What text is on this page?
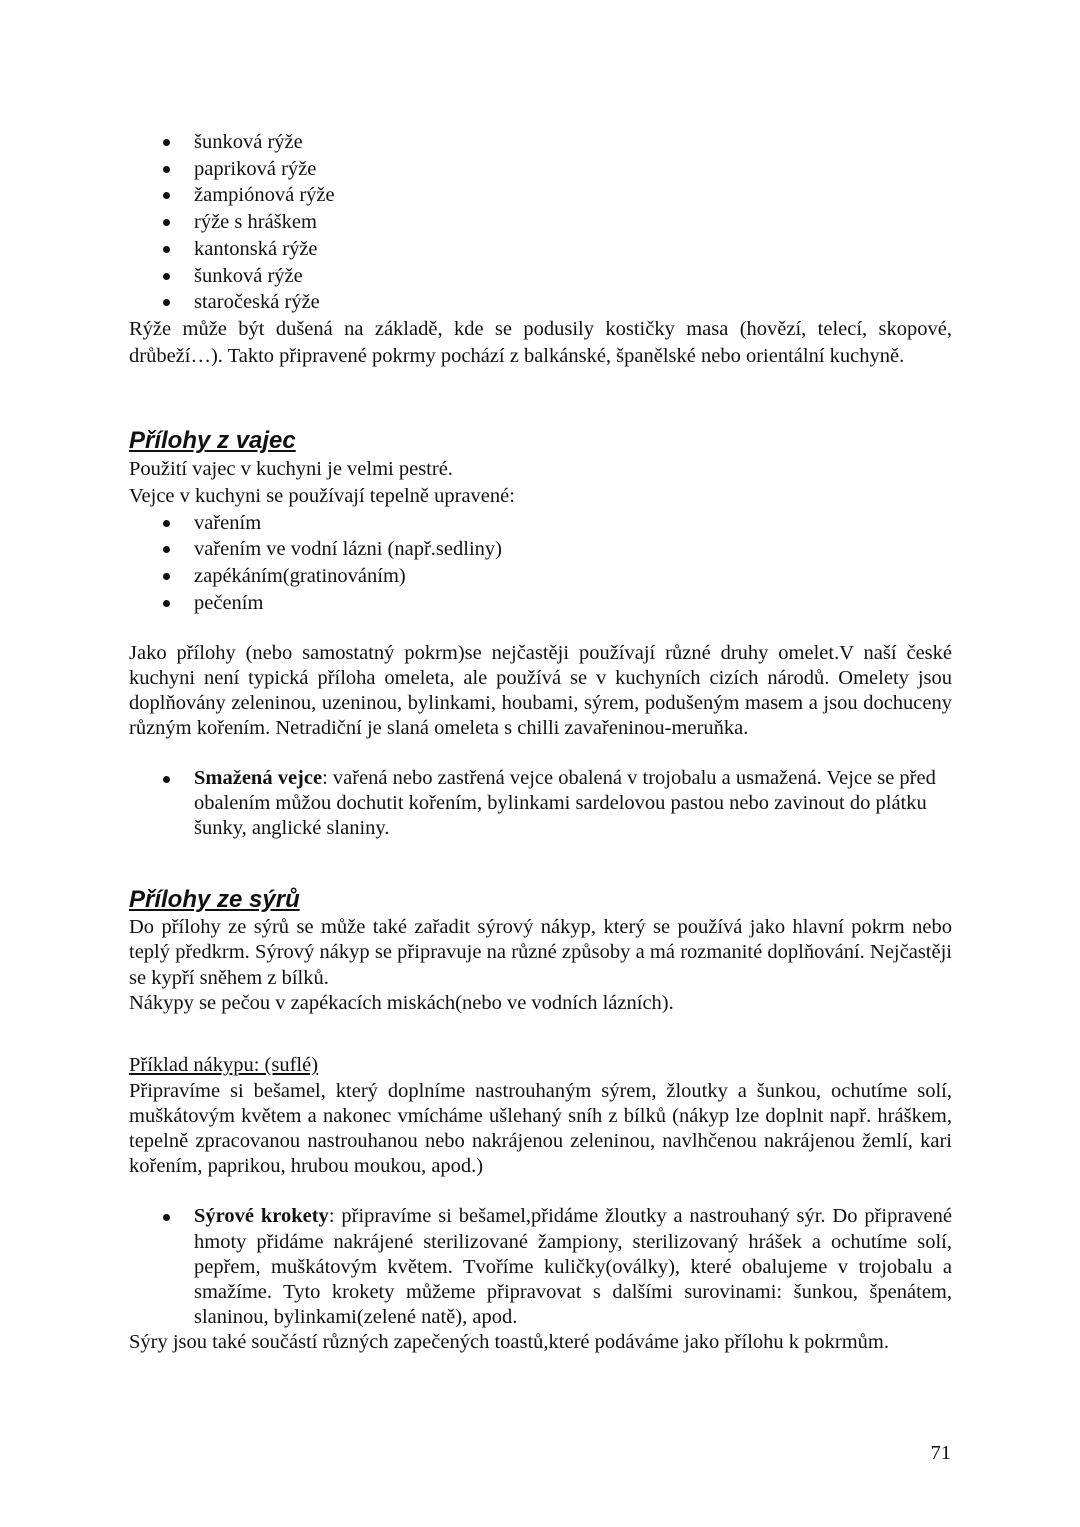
šunková rýže
papriková rýže
žampiónová rýže
rýže s hráškem
kantonská rýže
šunková rýže
staročeská rýže

Rýže může být dušená na základě, kde se podusily kostičky masa (hovězí, telecí, skopové, drůbeží…). Takto připravené pokrmy pochází z balkánské, španělské nebo orientální kuchyně.

Přílohy z vajec

Použití vajec v kuchyni je velmi pestré.

Vejce v kuchyni se používají tepelně upravené:

vařením
vařením ve vodní lázni (např.sedliny)
zapékáním(gratinováním)
pečením

Jako přílohy (nebo samostatný pokrm)se nejčastěji používají různé druhy omelet.V naší české kuchyni není typická příloha omeleta, ale používá se v kuchyních cizích národů. Omelety jsou doplňovány zeleninou, uzeninou, bylinkami, houbami, sýrem, podušeným masem a jsou dochuceny různým kořením. Netradiční je slaná omeleta s chilli zavařeninou-meruňka.

Smažená vejce: vařená nebo zastřená vejce obalená v trojobalu a usmažená. Vejce se před obalením můžou dochutit kořením, bylinkami sardelovou pastou nebo zavinout do plátku šunky, anglické slaniny.
Přílohy ze sýrů

Do přílohy ze sýrů se může také zařadit sýrový nákyp, který se používá jako hlavní pokrm nebo teplý předkrm. Sýrový nákyp se připravuje na různé způsoby a má rozmanité doplňování. Nejčastěji se kypří sněhem z bílků.

Nákypy se pečou v zapékacích miskách(nebo ve vodních lázních).

Příklad nákypu: (suflé)

Připravíme si bešamel, který doplníme nastrouhaným sýrem, žloutky a šunkou, ochutíme solí, muškátovým květem a nakonec vmícháme ušlehaný sníh z bílků (nákyp lze doplnit např. hráškem, tepelně zpracovanou nastrouhanou nebo nakrájenou zeleninou, navlhčenou nakrájenou žemlí, kari kořením, paprikou, hrubou moukou, apod.)

Sýrové krokety: připravíme si bešamel,přidáme žloutky a nastrouhaný sýr. Do připravené hmoty přidáme nakrájené sterilizované žampiony, sterilizovaný hrášek a ochutíme solí, pepřem, muškátovým květem. Tvoříme kuličky(oválky), které obalujeme v trojobalu a smažíme. Tyto krokety můžeme připravovat s dalšími surovinami: šunkou, špenátem, slaninou, bylinkami(zelené natě), apod.

Sýry jsou také součástí různých zapečených toastů,které podáváme jako přílohu k pokrmům.

71
